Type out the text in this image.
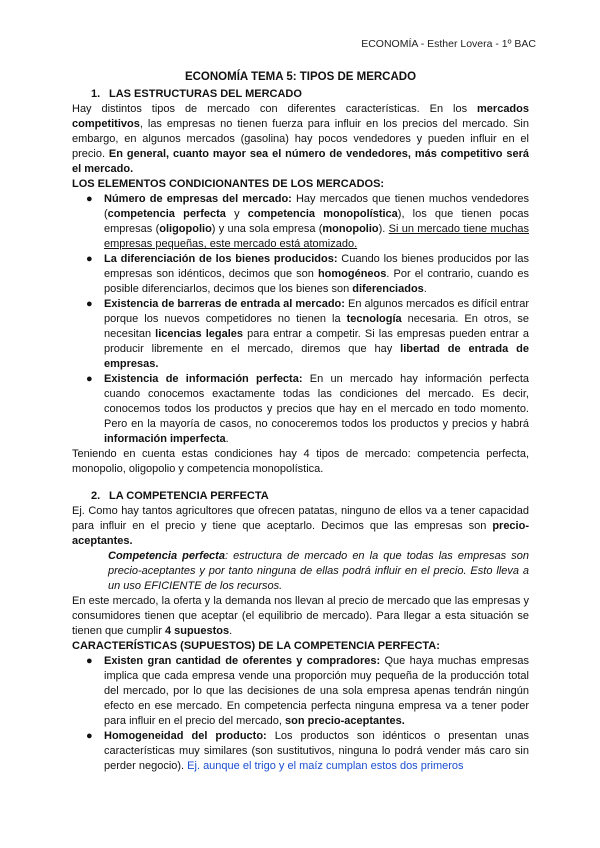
ECONOMÍA - Esther Lovera - 1º BAC

ECONOMÍA TEMA 5: TIPOS DE MERCADO

1. LAS ESTRUCTURAS DEL MERCADO

Hay distintos tipos de mercado con diferentes características. En los mercados competitivos, las empresas no tienen fuerza para influir en los precios del mercado. Sin embargo, en algunos mercados (gasolina) hay pocos vendedores y pueden influir en el precio. En general, cuanto mayor sea el número de vendedores, más competitivo será el mercado.

LOS ELEMENTOS CONDICIONANTES DE LOS MERCADOS:

● Número de empresas del mercado: Hay mercados que tienen muchos vendedores (competencia perfecta y competencia monopolística), los que tienen pocas empresas (oligopolio) y una sola empresa (monopolio). Si un mercado tiene muchas empresas pequeñas, este mercado está atomizado.
● La diferenciación de los bienes producidos: Cuando los bienes producidos por las empresas son idénticos, decimos que son homogéneos. Por el contrario, cuando es posible diferenciarlos, decimos que los bienes son diferenciados.
● Existencia de barreras de entrada al mercado: En algunos mercados es difícil entrar porque los nuevos competidores no tienen la tecnología necesaria. En otros, se necesitan licencias legales para entrar a competir. Si las empresas pueden entrar a producir libremente en el mercado, diremos que hay libertad de entrada de empresas.
● Existencia de información perfecta: En un mercado hay información perfecta cuando conocemos exactamente todas las condiciones del mercado. Es decir, conocemos todos los productos y precios que hay en el mercado en todo momento. Pero en la mayoría de casos, no conoceremos todos los productos y precios y habrá información imperfecta.

Teniendo en cuenta estas condiciones hay 4 tipos de mercado: competencia perfecta, monopolio, oligopolio y competencia monopolística.

2. LA COMPETENCIA PERFECTA

Ej. Como hay tantos agricultores que ofrecen patatas, ninguno de ellos va a tener capacidad para influir en el precio y tiene que aceptarlo. Decimos que las empresas son precio-aceptantes.

Competencia perfecta: estructura de mercado en la que todas las empresas son precio-aceptantes y por tanto ninguna de ellas podrá influir en el precio. Esto lleva a un uso EFICIENTE de los recursos.

En este mercado, la oferta y la demanda nos llevan al precio de mercado que las empresas y consumidores tienen que aceptar (el equilibrio de mercado). Para llegar a esta situación se tienen que cumplir 4 supuestos.

CARACTERÍSTICAS (SUPUESTOS) DE LA COMPETENCIA PERFECTA:

● Existen gran cantidad de oferentes y compradores: Que haya muchas empresas implica que cada empresa vende una proporción muy pequeña de la producción total del mercado, por lo que las decisiones de una sola empresa apenas tendrán ningún efecto en ese mercado. En competencia perfecta ninguna empresa va a tener poder para influir en el precio del mercado, son precio-aceptantes.
● Homogeneidad del producto: Los productos son idénticos o presentan unas características muy similares (son sustitutivos, ninguna lo podrá vender más caro sin perder negocio). Ej. aunque el trigo y el maíz cumplan estos dos primeros
